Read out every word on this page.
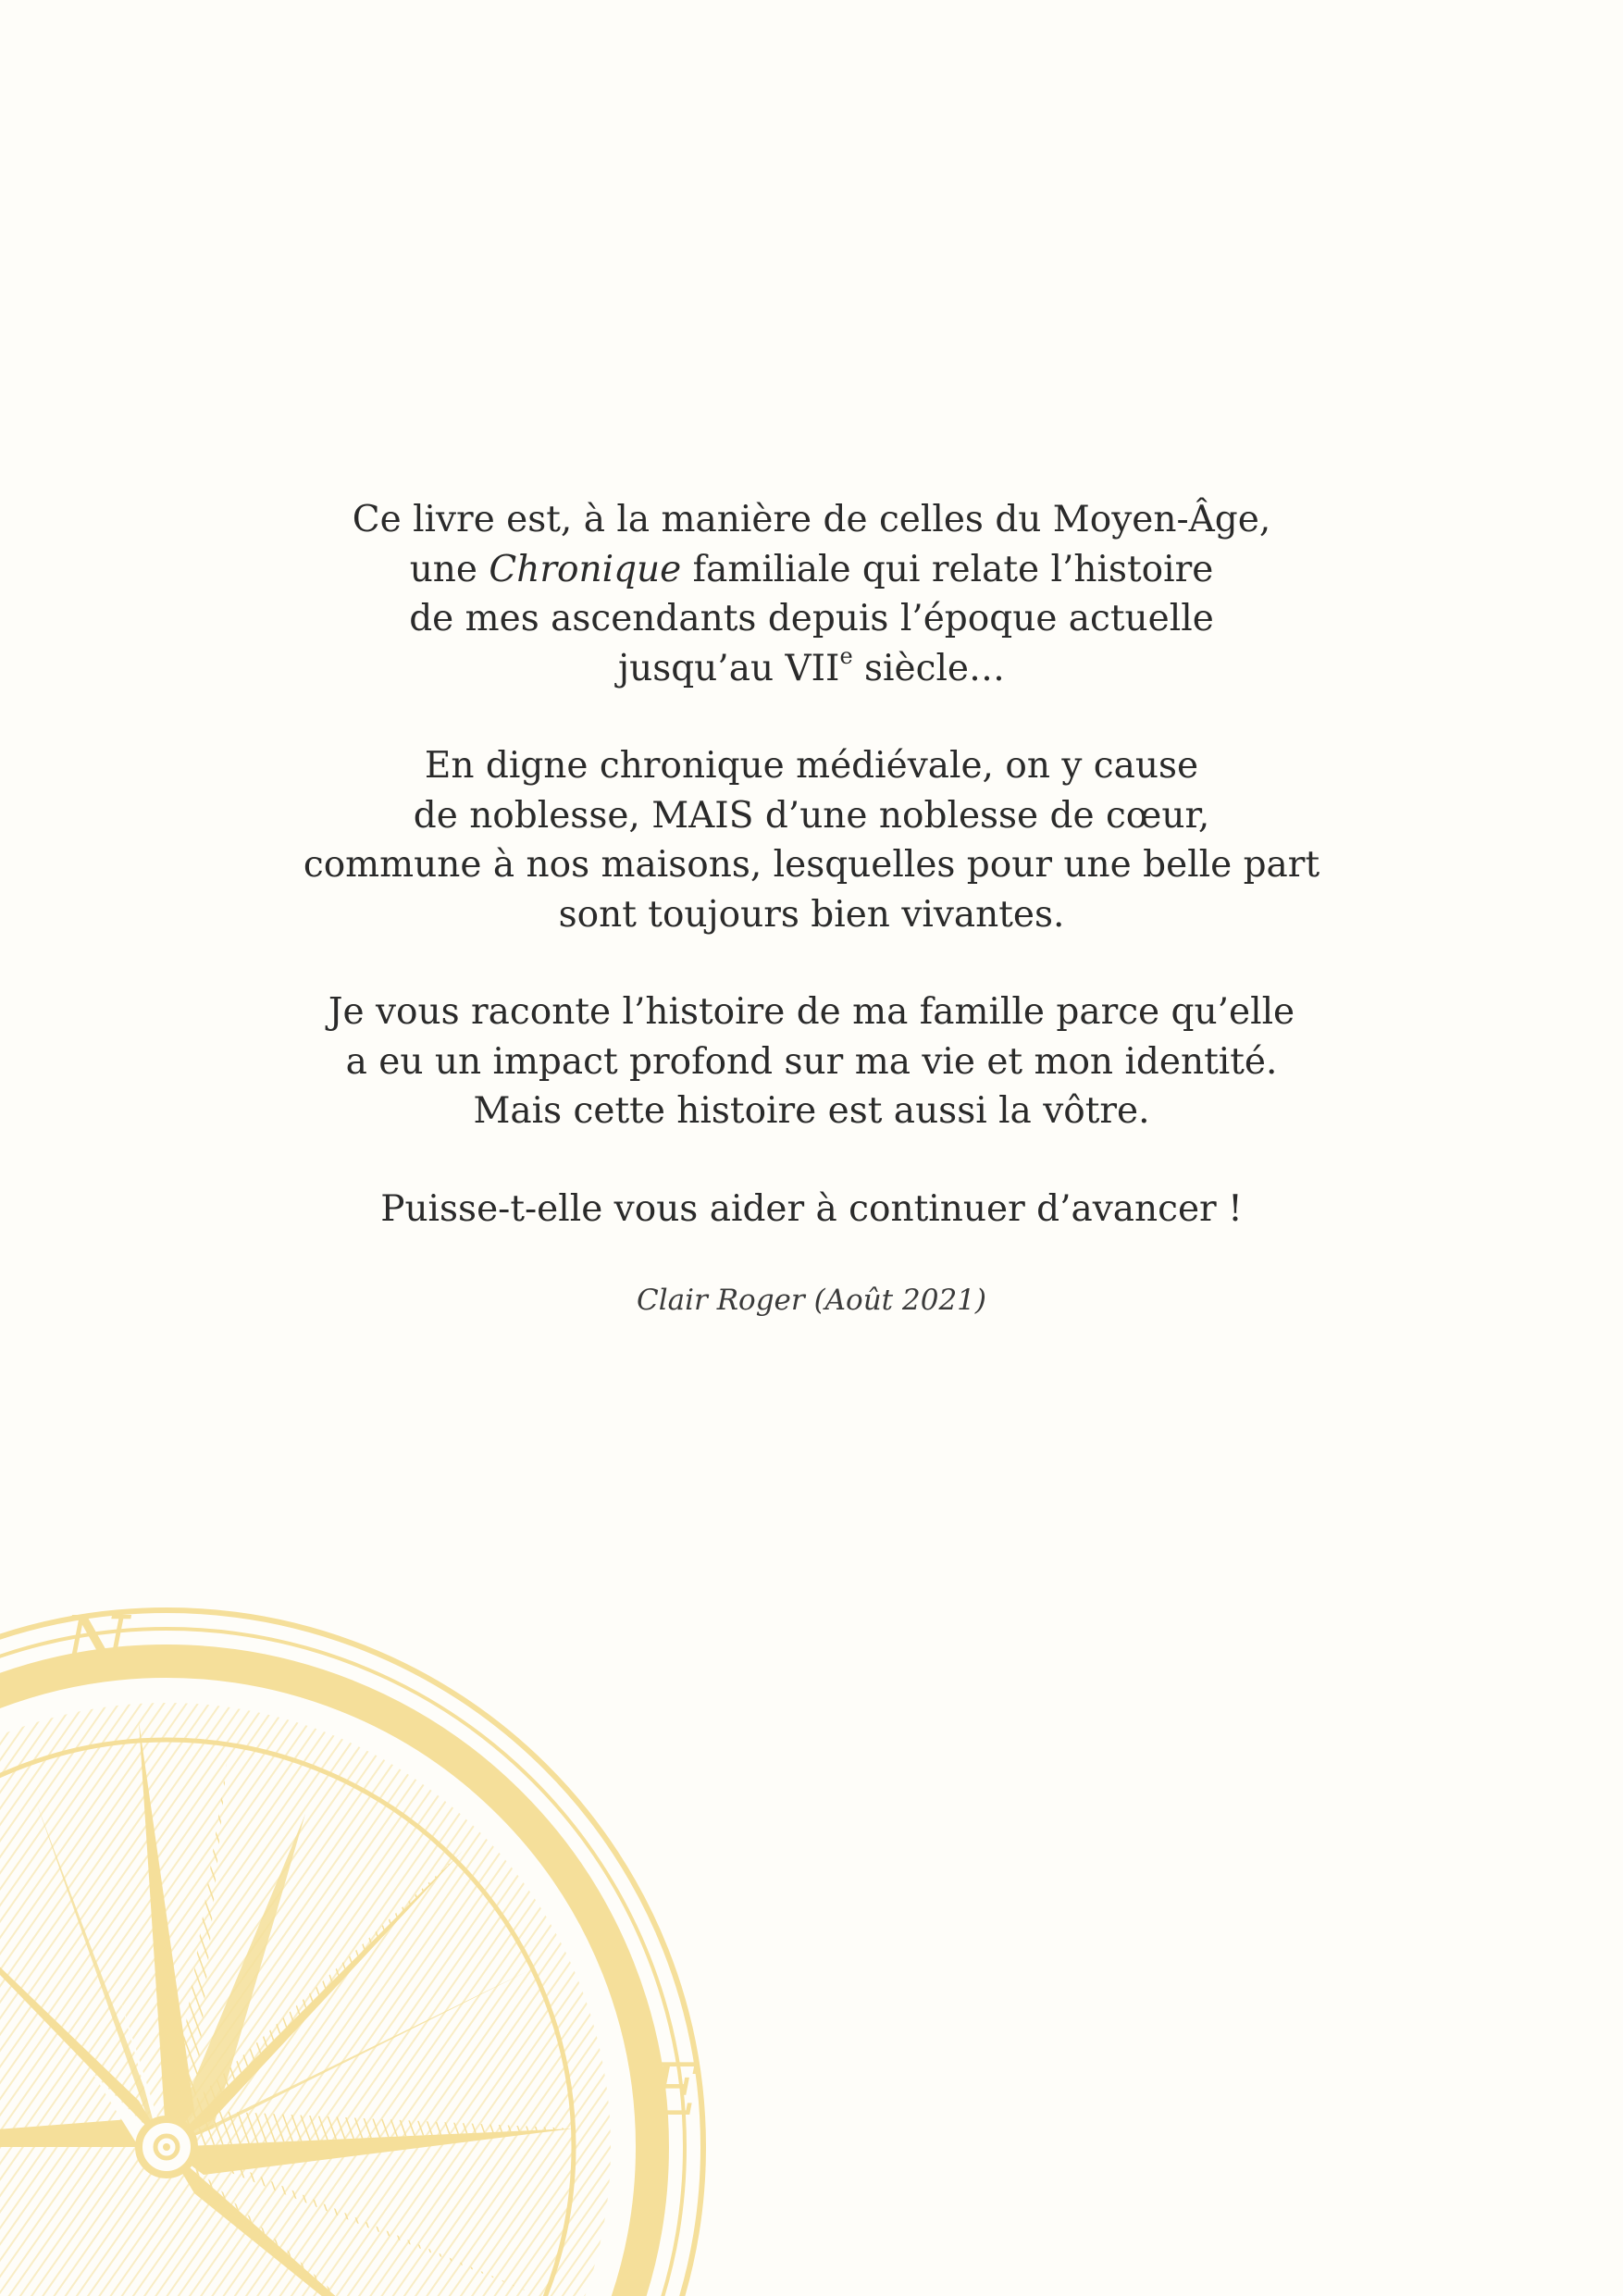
Ce livre est, à la manière de celles du Moyen-Âge,
une Chronique familiale qui relate l’histoire
de mes ascendants depuis l’époque actuelle
jusqu’au VIIe siècle…

En digne chronique médiévale, on y cause
de noblesse, MAIS d’une noblesse de cœur,
commune à nos maisons, lesquelles pour une belle part
sont toujours bien vivantes.

Je vous raconte l’histoire de ma famille parce qu’elle
a eu un impact profond sur ma vie et mon identité.
Mais cette histoire est aussi la vôtre.

Puisse-t-elle vous aider à continuer d’avancer !

Clair Roger (Août 2021)
N
E
